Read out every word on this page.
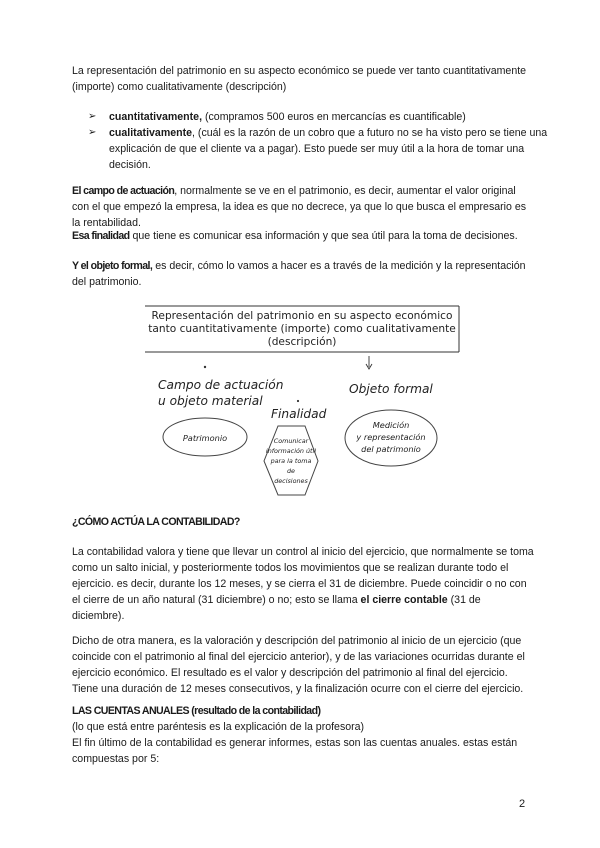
La representación del patrimonio en su aspecto económico se puede ver tanto cuantitativamente (importe) como cualitativamente (descripción)

➢ cuantitativamente, (compramos 500 euros en mercancías es cuantificable)
➢ cualitativamente, (cuál es la razón de un cobro que a futuro no se ha visto pero se tiene una explicación de que el cliente va a pagar). Esto puede ser muy útil a la hora de tomar una decisión.

El campo de actuación, normalmente se ve en el patrimonio, es decir, aumentar el valor original con el que empezó la empresa, la idea es que no decrece, ya que lo que busca el empresario es la rentabilidad.

Esa finalidad que tiene es comunicar esa información y que sea útil para la toma de decisiones.

Y el objeto formal, es decir, cómo lo vamos a hacer es a través de la medición y la representación del patrimonio.

Representación del patrimonio en su aspecto económico
tanto cuantitativamente (importe) como cualitativamente
(descripción)
Campo de actuación
u objeto material
Objeto formal
Finalidad
Patrimonio	Comunicar
información útil
para la toma
de
decisiones
Medición
y representación
del patrimonio

¿CÓMO ACTÚA LA CONTABILIDAD?

La contabilidad valora y tiene que llevar un control al inicio del ejercicio, que normalmente se toma como un salto inicial, y posteriormente todos los movimientos que se realizan durante todo el ejercicio. es decir, durante los 12 meses, y se cierra el 31 de diciembre. Puede coincidir o no con el cierre de un año natural (31 diciembre) o no; esto se llama el cierre contable (31 de diciembre).

Dicho de otra manera, es la valoración y descripción del patrimonio al inicio de un ejercicio (que coincide con el patrimonio al final del ejercicio anterior), y de las variaciones ocurridas durante el ejercicio económico. El resultado es el valor y descripción del patrimonio al final del ejercicio. Tiene una duración de 12 meses consecutivos, y la finalización ocurre con el cierre del ejercicio.

LAS CUENTAS ANUALES (resultado de la contabilidad)

(lo que está entre paréntesis es la explicación de la profesora)

El fin último de la contabilidad es generar informes, estas son las cuentas anuales. estas están compuestas por 5:

2
